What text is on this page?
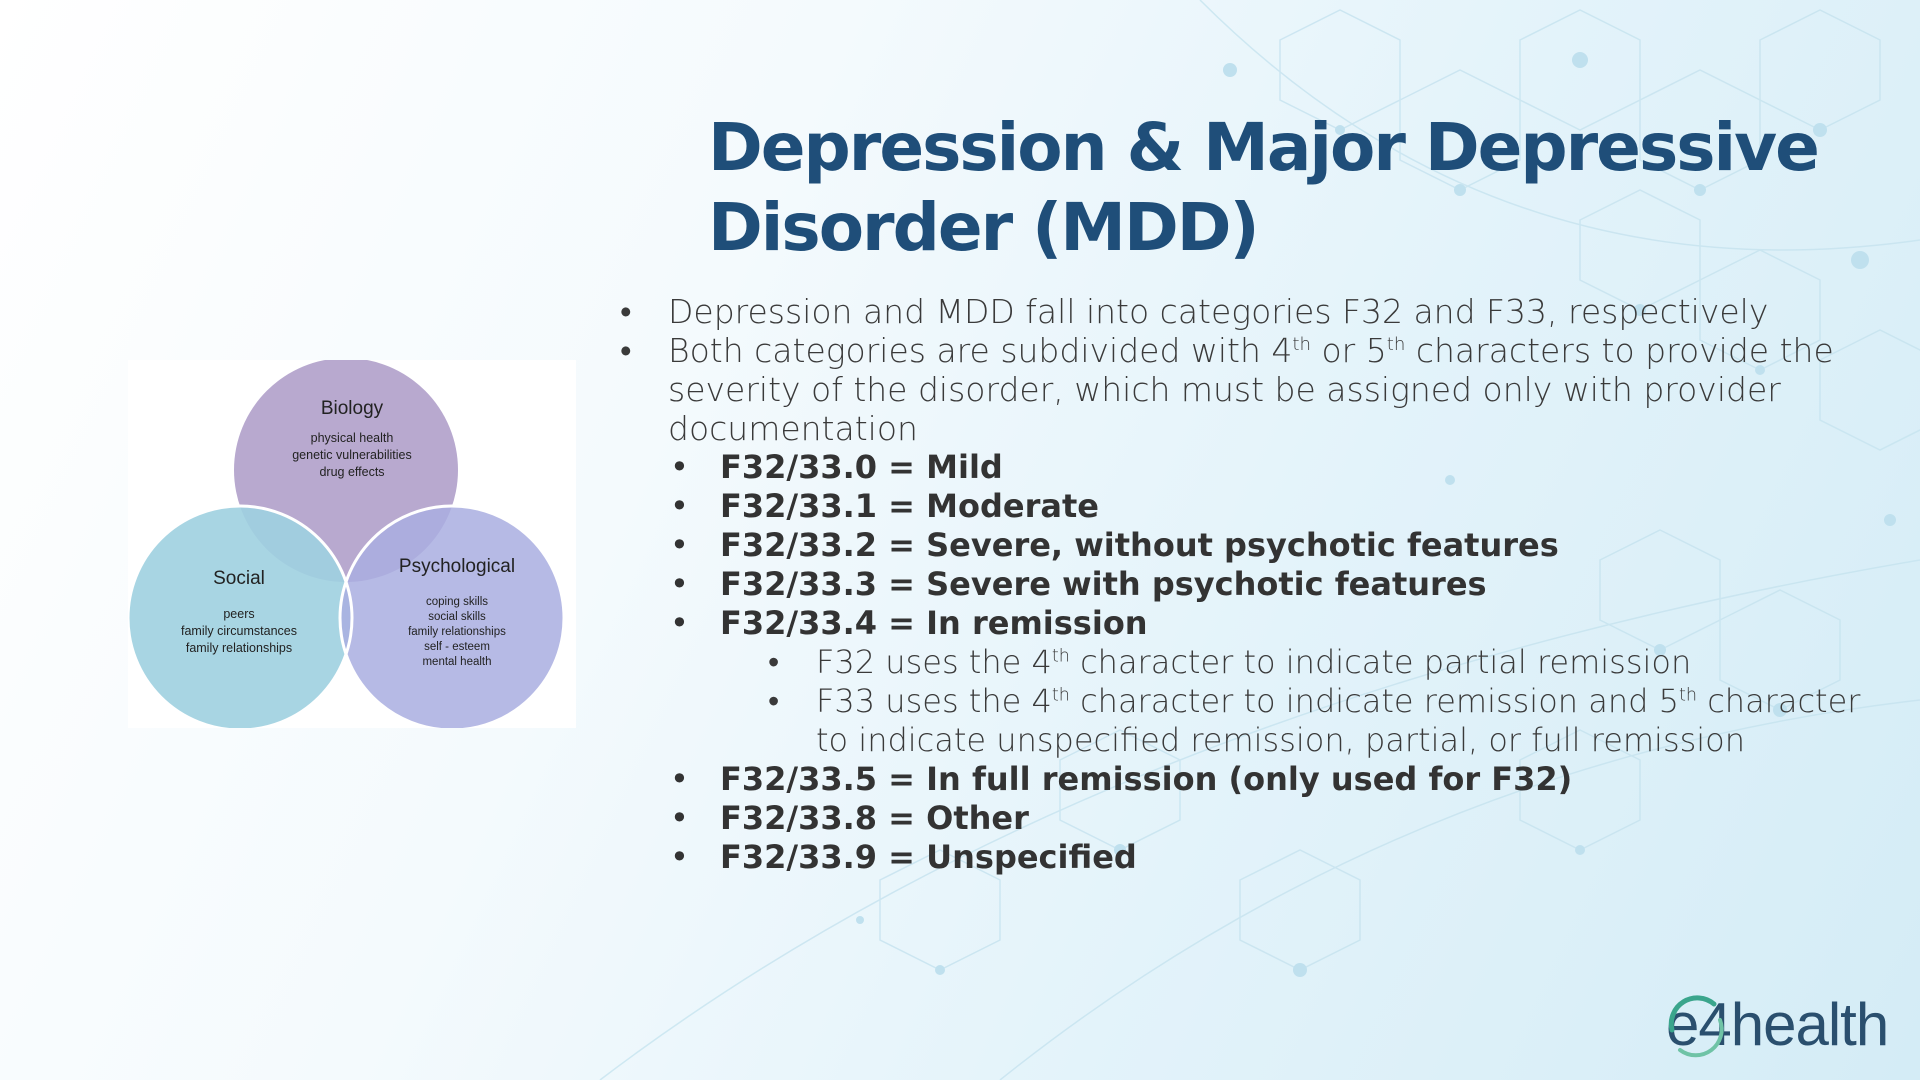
Depression & Major Depressive
Disorder (MDD)
Biology
physical health genetic vulnerabilities drug effects
Social
peers family circumstances family relationships
Psychological
coping skills social skills family relationships self - esteem mental health
• Depression and MDD fall into categories F32 and F33, respectively
• Both categories are subdivided with 4th or 5th characters to provide the severity of the disorder, which must be assigned only with provider documentation
• F32/33.0 = Mild
• F32/33.1 = Moderate
• F32/33.2 = Severe, without psychotic features
• F32/33.3 = Severe with psychotic features
• F32/33.4 = In remission
• F32 uses the 4th character to indicate partial remission
• F33 uses the 4th character to indicate remission and 5th character to indicate unspecified remission, partial, or full remission
• F32/33.5 = In full remission (only used for F32)
• F32/33.8 = Other
• F32/33.9 = Unspecified
e4health
